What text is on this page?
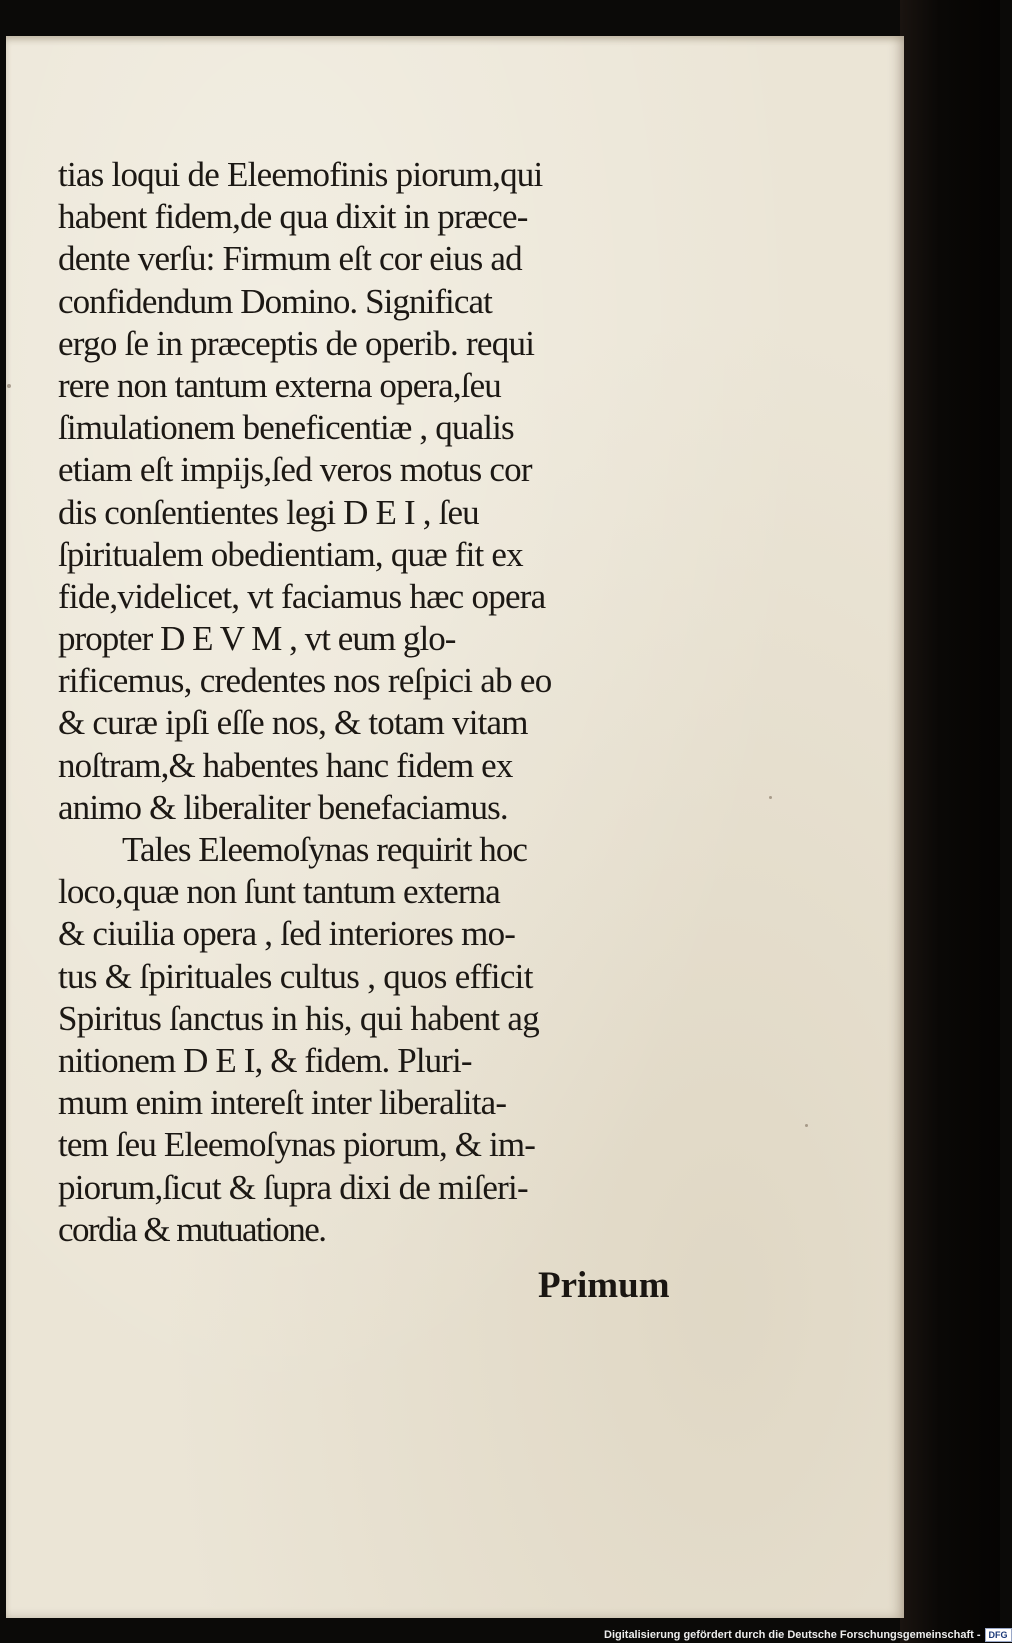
tias loqui de Eleemofinis piorum,qui
habent fidem,de qua dixit in præce-
dente verſu: Firmum eſt cor eius ad
confidendum Domino. Significat
ergo ſe in præceptis de operib. requi
rere non tantum externa opera,ſeu
ſimulationem beneficentiæ , qualis
etiam eſt impijs,ſed veros motus cor
dis conſentientes legi D E I , ſeu
ſpiritualem obedientiam, quæ fit ex
fide,videlicet, vt faciamus hæc opera
propter D E V M , vt eum glo-
rificemus, credentes nos reſpici ab eo
& curæ ipſi eſſe nos, & totam vitam
noſtram,& habentes hanc fidem ex
animo & liberaliter benefaciamus.
Tales Eleemoſynas requirit hoc
loco,quæ non ſunt tantum externa
& ciuilia opera , ſed interiores mo-
tus & ſpirituales cultus , quos efficit
Spiritus ſanctus in his, qui habent ag
nitionem D E I, & fidem. Pluri-
mum enim intereſt inter liberalita-
tem ſeu Eleemoſynas piorum, & im-
piorum,ſicut & ſupra dixi de miſeri-
cordia & mutuatione.
Primum
Digitalisierung gefördert durch die Deutsche Forschungsgemeinschaft - DFG
